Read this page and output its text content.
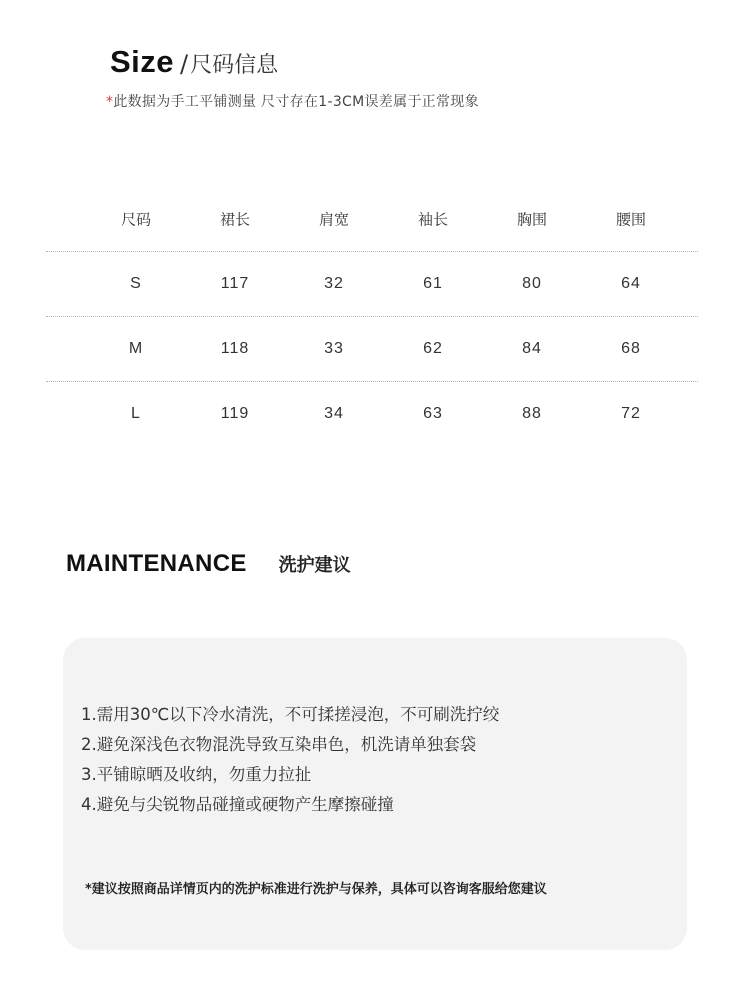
Size / 尺码信息
*此数据为手工平铺测量 尺寸存在1-3CM误差属于正常现象
尺码	裙长	肩宽	袖长	胸围	腰围
S	117	32	61	80	64
M	118	33	62	84	68
L	119	34	63	88	72
MAINTENANCE 洗护建议
1.需用30℃以下冷水清洗，不可揉搓浸泡，不可刷洗拧绞
2.避免深浅色衣物混洗导致互染串色，机洗请单独套袋
3.平铺晾晒及收纳，勿重力拉扯
4.避免与尖锐物品碰撞或硬物产生摩擦碰撞
*建议按照商品详情页内的洗护标准进行洗护与保养，具体可以咨询客服给您建议
